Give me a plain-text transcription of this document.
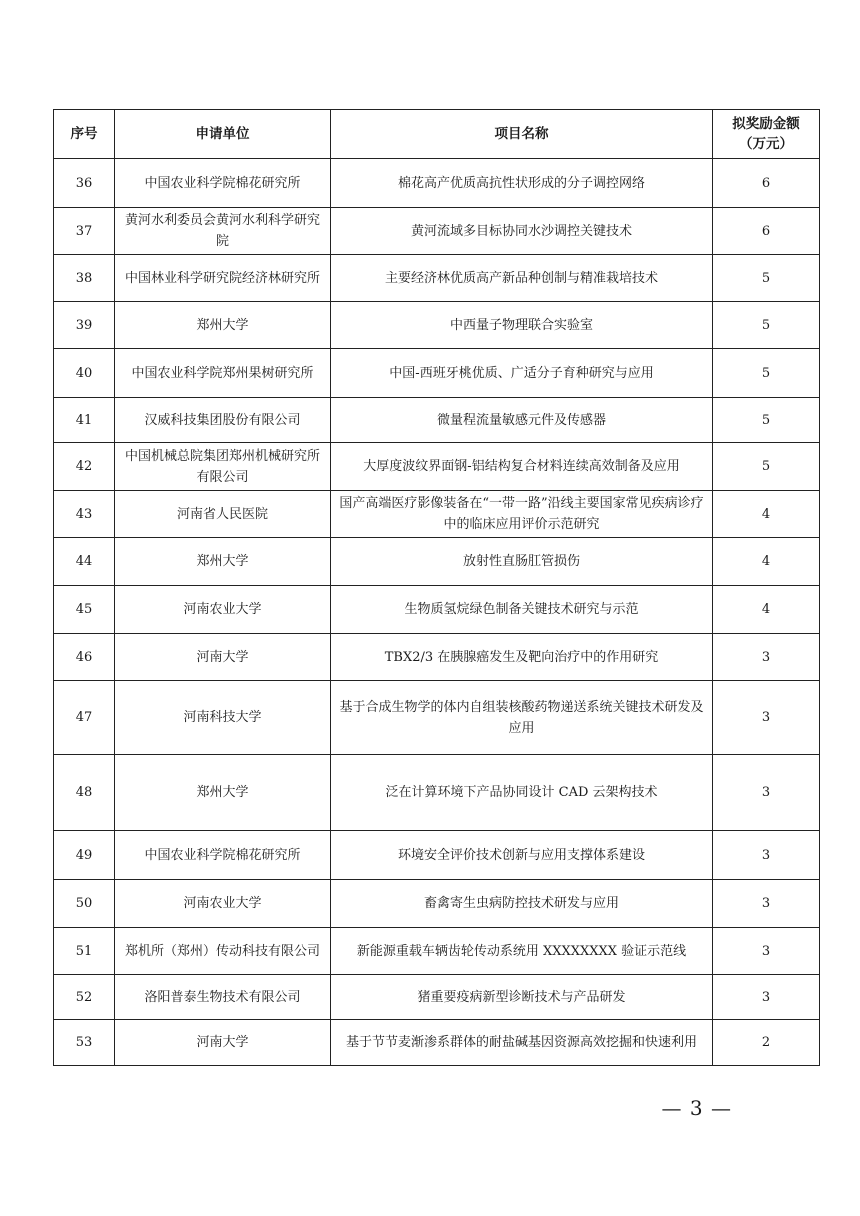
序号	申请单位	项目名称	拟奖励金额
（万元）

36	中国农业科学院棉花研究所	棉花高产优质高抗性状形成的分子调控网络	6
37	黄河水利委员会黄河水利科学研究院	黄河流域多目标协同水沙调控关键技术	6
38	中国林业科学研究院经济林研究所	主要经济林优质高产新品种创制与精准栽培技术	5
39	郑州大学	中西量子物理联合实验室	5
40	中国农业科学院郑州果树研究所	中国-西班牙桃优质、广适分子育种研究与应用	5
41	汉威科技集团股份有限公司	微量程流量敏感元件及传感器	5
42	中国机械总院集团郑州机械研究所有限公司	大厚度波纹界面钢-铝结构复合材料连续高效制备及应用	5
43	河南省人民医院	国产高端医疗影像装备在“一带一路”沿线主要国家常见疾病诊疗中的临床应用评价示范研究	4
44	郑州大学	放射性直肠肛管损伤	4
45	河南农业大学	生物质氢烷绿色制备关键技术研究与示范	4
46	河南大学	TBX2/3 在胰腺癌发生及靶向治疗中的作用研究	3
47	河南科技大学	基于合成生物学的体内自组装核酸药物递送系统关键技术研发及应用	3
48	郑州大学	泛在计算环境下产品协同设计 CAD 云架构技术	3
49	中国农业科学院棉花研究所	环境安全评价技术创新与应用支撑体系建设	3
50	河南农业大学	畜禽寄生虫病防控技术研发与应用	3
51	郑机所（郑州）传动科技有限公司	新能源重载车辆齿轮传动系统用 XXXXXXXX 验证示范线	3
52	洛阳普泰生物技术有限公司	猪重要疫病新型诊断技术与产品研发	3
53	河南大学	基于节节麦渐渗系群体的耐盐碱基因资源高效挖掘和快速利用	2
— 3 —
